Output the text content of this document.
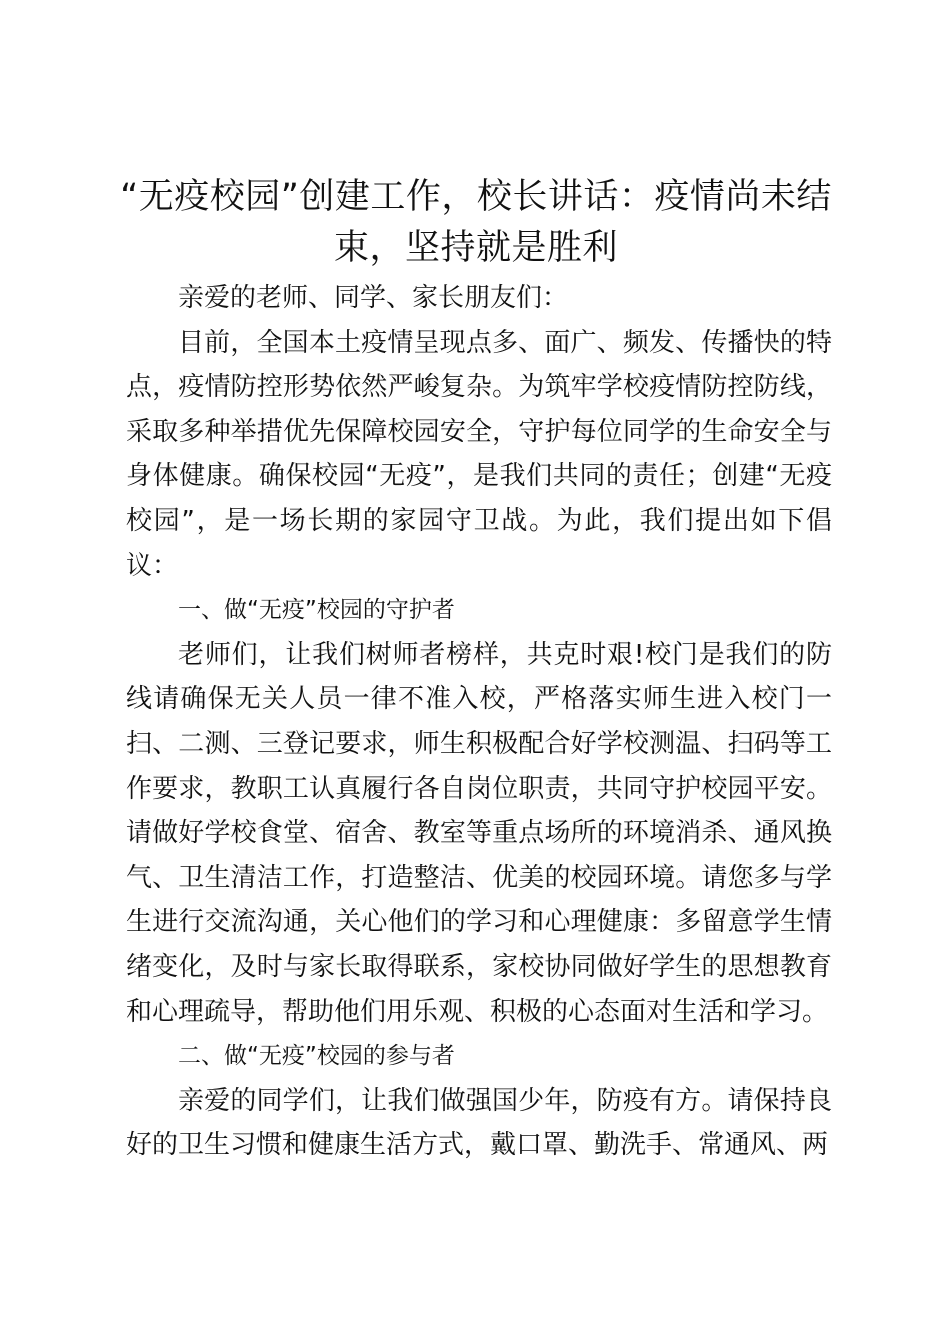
“无疫校园”创建工作，校长讲话：疫情尚未结束，坚持就是胜利

亲爱的老师、同学、家长朋友们：

目前，全国本土疫情呈现点多、面广、频发、传播快的特点，疫情防控形势依然严峻复杂。为筑牢学校疫情防控防线，采取多种举措优先保障校园安全，守护每位同学的生命安全与身体健康。确保校园“无疫”，是我们共同的责任；创建“无疫校园”，是一场长期的家园守卫战。为此，我们提出如下倡议：

一、做“无疫”校园的守护者

老师们，让我们树师者榜样，共克时艰!校门是我们的防线请确保无关人员一律不准入校，严格落实师生进入校门一扫、二测、三登记要求，师生积极配合好学校测温、扫码等工作要求，教职工认真履行各自岗位职责，共同守护校园平安。请做好学校食堂、宿舍、教室等重点场所的环境消杀、通风换气、卫生清洁工作，打造整洁、优美的校园环境。请您多与学生进行交流沟通，关心他们的学习和心理健康：多留意学生情绪变化，及时与家长取得联系，家校协同做好学生的思想教育和心理疏导，帮助他们用乐观、积极的心态面对生活和学习。

二、做“无疫”校园的参与者

亲爱的同学们，让我们做强国少年，防疫有方。请保持良好的卫生习惯和健康生活方式，戴口罩、勤洗手、常通风、两
